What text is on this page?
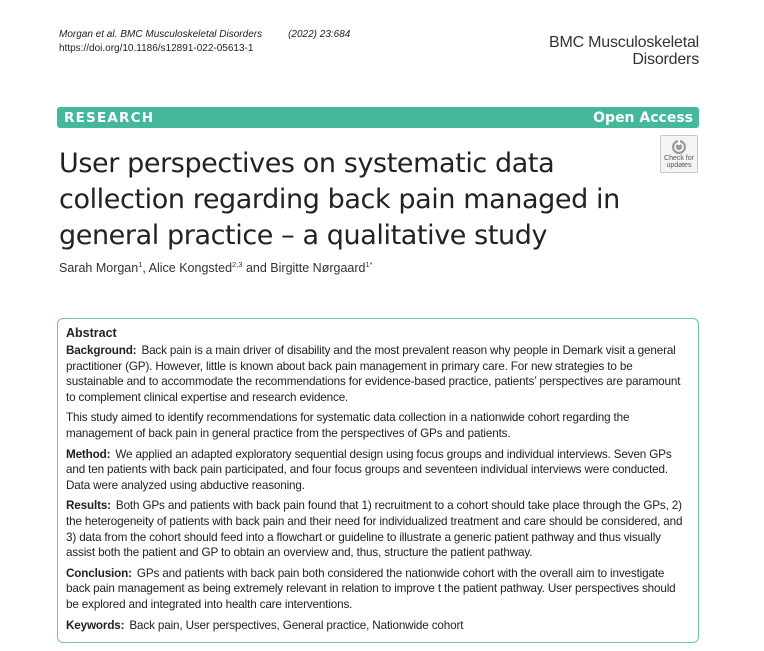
Morgan et al. BMC Musculoskeletal Disorders	(2022) 23:684
https://doi.org/10.1186/s12891-022-05613-1	BMC Musculoskeletal
Disorders
RESEARCH	Open Access
User perspectives on systematic data collection regarding back pain managed in general practice – a qualitative study
Check for
updates
Sarah Morgan$^1$, Alice Kongsted$^{2,3}$ and Birgitte Nørgaard$^{1*}$
Abstract

Background: Back pain is a main driver of disability and the most prevalent reason why people in Demark visit a general practitioner (GP). However, little is known about back pain management in primary care. For new strategies to be sustainable and to accommodate the recommendations for evidence-based practice, patients’ perspectives are paramount to complement clinical expertise and research evidence.

This study aimed to identify recommendations for systematic data collection in a nationwide cohort regarding the management of back pain in general practice from the perspectives of GPs and patients.

Method: We applied an adapted exploratory sequential design using focus groups and individual interviews. Seven GPs and ten patients with back pain participated, and four focus groups and seventeen individual interviews were conducted. Data were analyzed using abductive reasoning.

Results: Both GPs and patients with back pain found that 1) recruitment to a cohort should take place through the GPs, 2) the heterogeneity of patients with back pain and their need for individualized treatment and care should be considered, and 3) data from the cohort should feed into a flowchart or guideline to illustrate a generic patient pathway and thus visually assist both the patient and GP to obtain an overview and, thus, structure the patient pathway.

Conclusion: GPs and patients with back pain both considered the nationwide cohort with the overall aim to investigate back pain management as being extremely relevant in relation to improve t the patient pathway. User perspectives should be explored and integrated into health care interventions.

Keywords: Back pain, User perspectives, General practice, Nationwide cohort
